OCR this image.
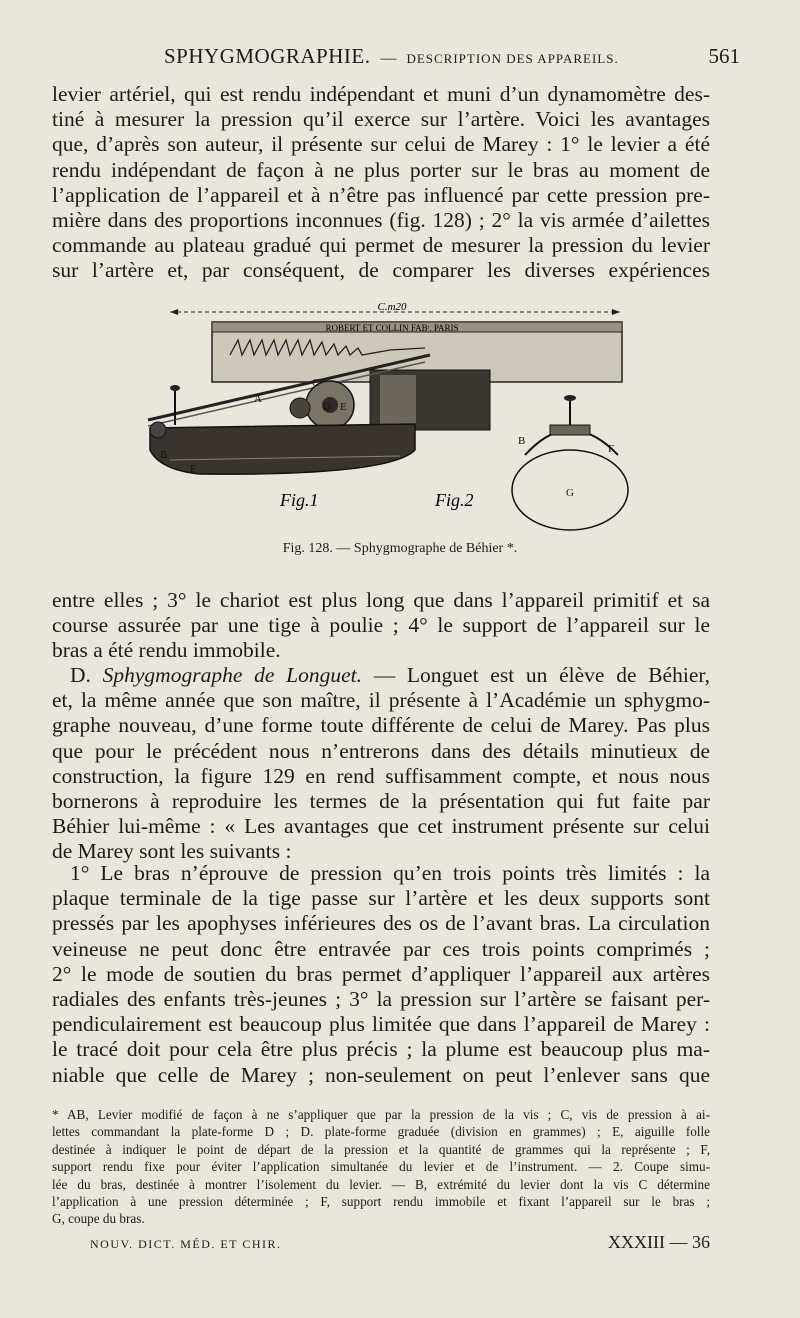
SPHYGMOGRAPHIE. — DESCRIPTION DES APPAREILS.	561
levier artériel, qui est rendu indépendant et muni d’un dynamomètre des-
tiné à mesurer la pression qu’il exerce sur l’artère. Voici les avantages
que, d’après son auteur, il présente sur celui de Marey : 1° le levier a été
rendu indépendant de façon à ne plus porter sur le bras au moment de
l’application de l’appareil et à n’être pas influencé par cette pression pre-
mière dans des proportions inconnues (fig. 128) ; 2° la vis armée d’ailettes
commande au plateau gradué qui permet de mesurer la pression du levier
sur l’artère et, par conséquent, de comparer les diverses expériences
C.m20
ROBERT ET COLLIN FABᵗ. PARIS
A
B
C
D E
F
B
F
G
Fig.1	Fig.2
Fig. 128. — Sphygmographe de Béhier *.
entre elles ; 3° le chariot est plus long que dans l’appareil primitif et sa
course assurée par une tige à poulie ; 4° le support de l’appareil sur le
bras a été rendu immobile.
D. Sphygmographe de Longuet. — Longuet est un élève de Béhier,
et, la même année que son maître, il présente à l’Académie un sphygmo-
graphe nouveau, d’une forme toute différente de celui de Marey. Pas plus
que pour le précédent nous n’entrerons dans des détails minutieux de
construction, la figure 129 en rend suffisamment compte, et nous nous
bornerons à reproduire les termes de la présentation qui fut faite par
Béhier lui-même : « Les avantages que cet instrument présente sur celui
de Marey sont les suivants :
1° Le bras n’éprouve de pression qu’en trois points très limités : la
plaque terminale de la tige passe sur l’artère et les deux supports sont
pressés par les apophyses inférieures des os de l’avant bras. La circulation
veineuse ne peut donc être entravée par ces trois points comprimés ;
2° le mode de soutien du bras permet d’appliquer l’appareil aux artères
radiales des enfants très-jeunes ; 3° la pression sur l’artère se faisant per-
pendiculairement est beaucoup plus limitée que dans l’appareil de Marey :
le tracé doit pour cela être plus précis ; la plume est beaucoup plus ma-
niable que celle de Marey ; non-seulement on peut l’enlever sans que
* AB, Levier modifié de façon à ne s’appliquer que par la pression de la vis ; C, vis de pression à ai-
lettes commandant la plate-forme D ; D. plate-forme graduée (division en grammes) ; E, aiguille folle
destinée à indiquer le point de départ de la pression et la quantité de grammes qui la représente ; F,
support rendu fixe pour éviter l’application simultanée du levier et de l’instrument. — 2. Coupe simu-
lée du bras, destinée à montrer l’isolement du levier. — B, extrémité du levier dont la vis C détermine
l’application à une pression déterminée ; F, support rendu immobile et fixant l’appareil sur le bras ;
G, coupe du bras.
NOUV. DICT. MÉD. ET CHIR.	XXXIII — 36
